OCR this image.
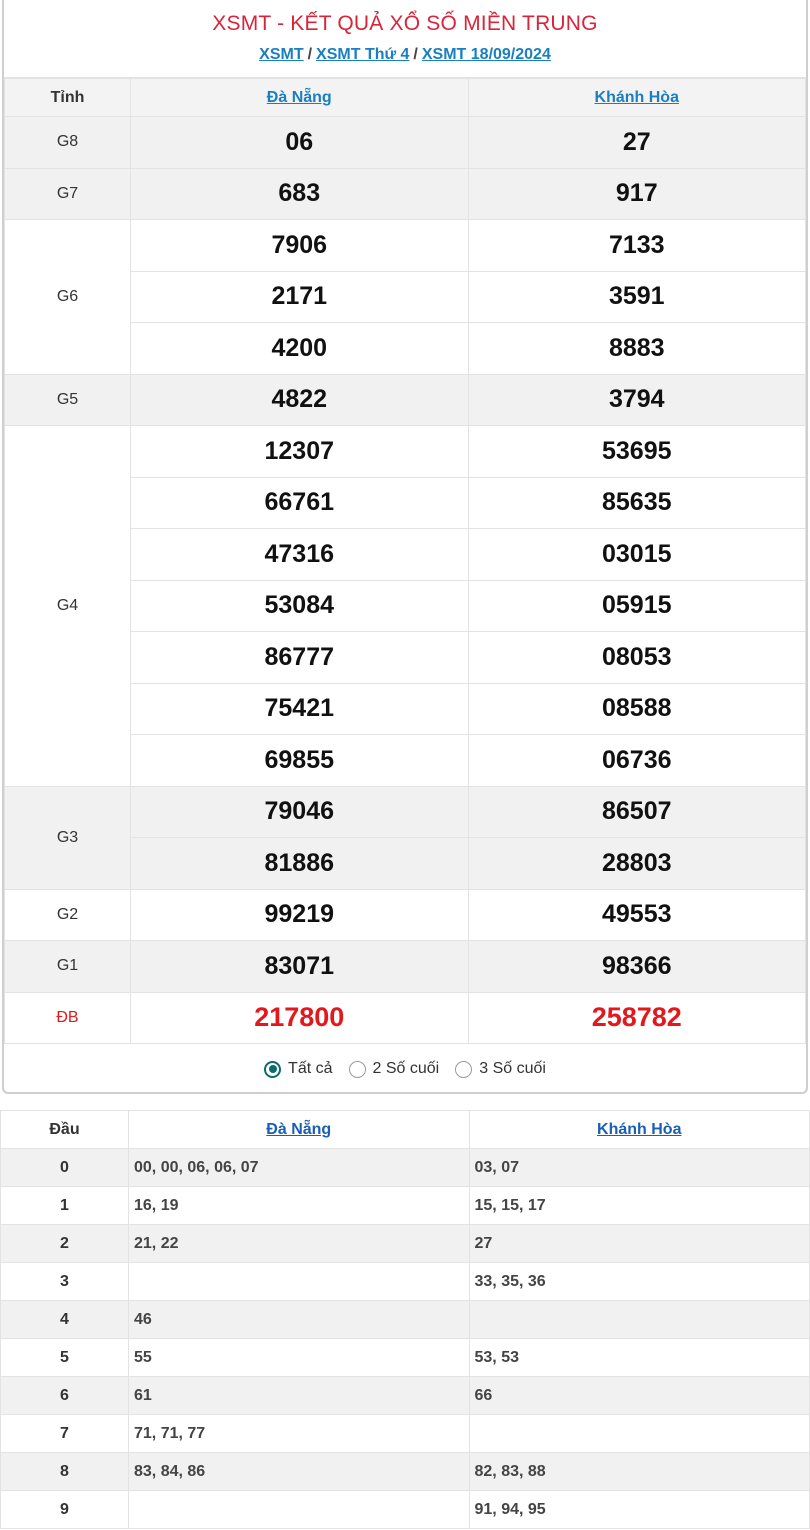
XSMT - KẾT QUẢ XỔ SỐ MIỀN TRUNG
XSMT / XSMT Thứ 4 / XSMT 18/09/2024
Tỉnh	Đà Nẵng	Khánh Hòa
G8	06	27
G7	683	917
G6	7906	7133
	2171	3591
	4200	8883
G5	4822	3794
G4	12307	53695
	66761	85635
	47316	03015
	53084	05915
	86777	08053
	75421	08588
	69855	06736
G3	79046	86507
	81886	28803
G2	99219	49553
G1	83071	98366
ĐB	217800	258782
Tất cả	2 Số cuối	3 Số cuối
Đầu	Đà Nẵng	Khánh Hòa
0	00, 00, 06, 06, 07	03, 07
1	16, 19	15, 15, 17
2	21, 22	27
3		33, 35, 36
4	46	
5	55	53, 53
6	61	66
7	71, 71, 77	
8	83, 84, 86	82, 83, 88
9		91, 94, 95
